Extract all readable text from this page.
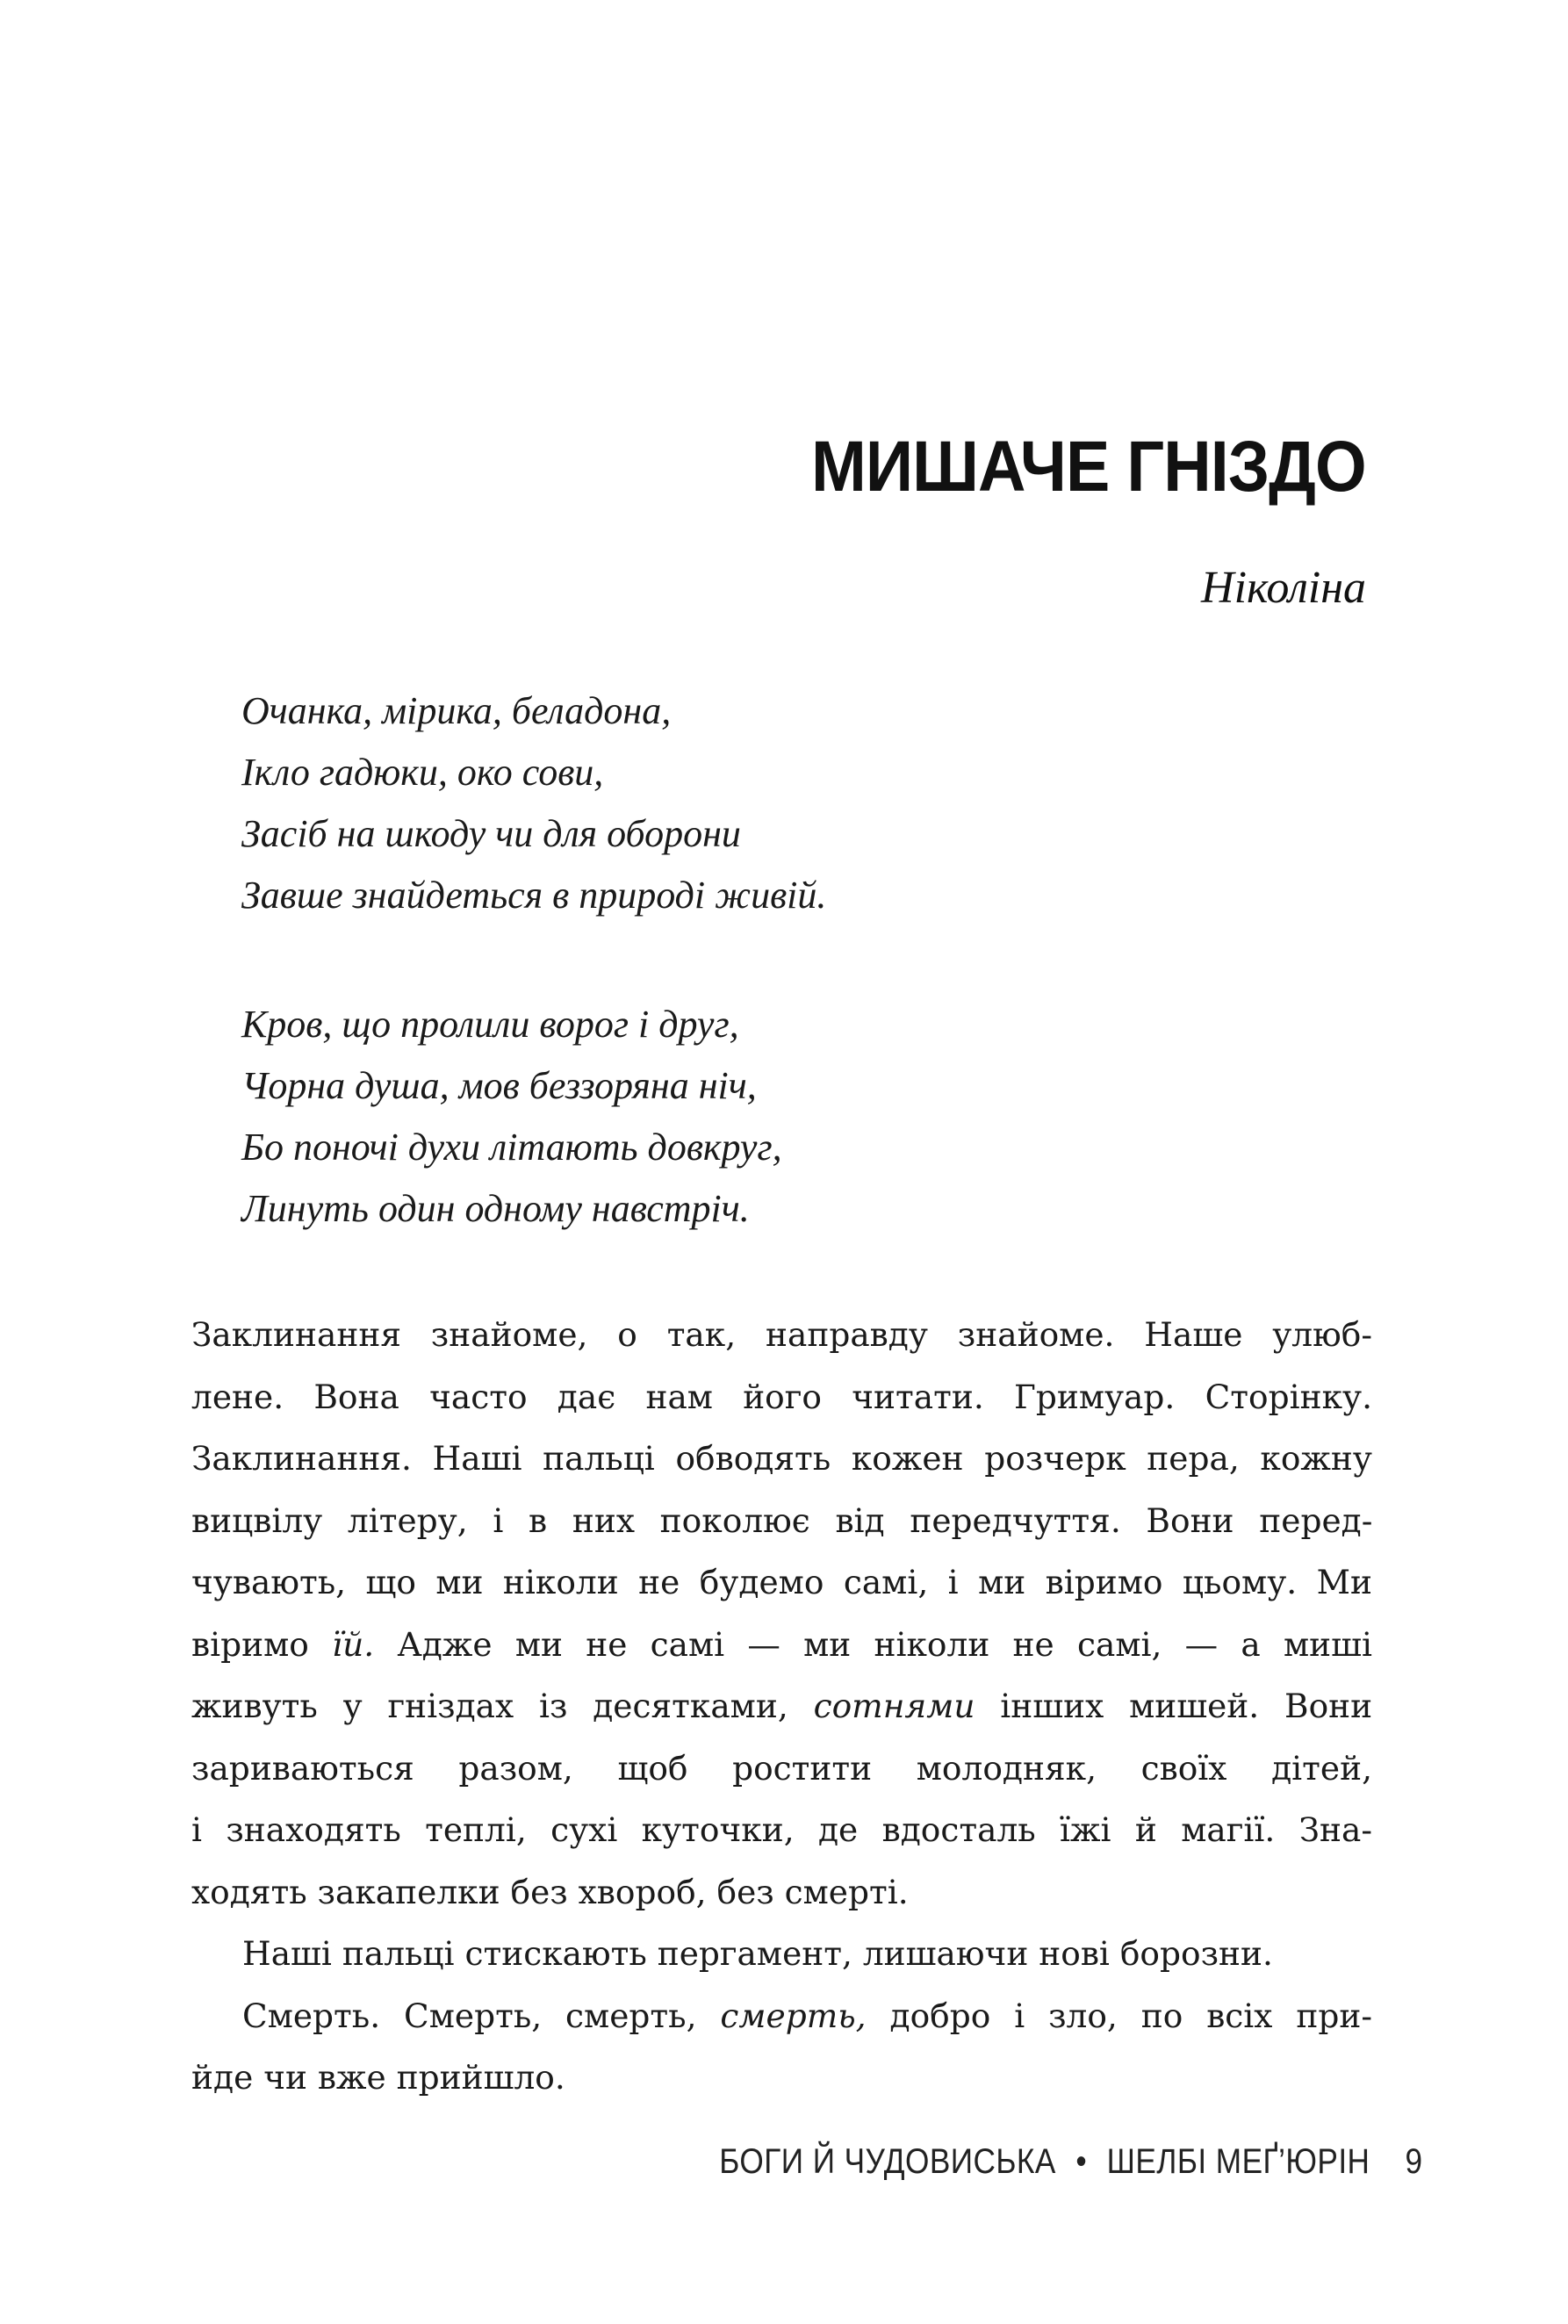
МИШАЧЕ ГНІЗДО
Ніколіна
Очанка, мірика, беладона,
Ікло гадюки, око сови,
Засіб на шкоду чи для оборони
Завше знайдеться в природі живій.
Кров, що пролили ворог і друг,
Чорна душа, мов беззоряна ніч,
Бо поночі духи літають довкруг,
Линуть один одному навстріч.

Заклинання знайоме, о так, направду знайоме. Наше улюб-
лене. Вона часто дає нам його читати. Гримуар. Сторінку.
Заклинання. Наші пальці обводять кожен розчерк пера, кожну
вицвілу літеру, і в них поколює від передчуття. Вони перед-
чувають, що ми ніколи не будемо самі, і ми віримо цьому. Ми
віримо їй. Адже ми не самі — ми ніколи не самі, — а миші
живуть у гніздах із десятками, сотнями інших мишей. Вони
зариваються разом, щоб ростити молодняк, своїх дітей,
і знаходять теплі, сухі куточки, де вдосталь їжі й магії. Зна-
ходять закапелки без хвороб, без смерті.

Наші пальці стискають пергамент, лишаючи нові борозни.

Смерть. Смерть, смерть, смерть, добро і зло, по всіх при-

йде чи вже прийшло.

БОГИ Й ЧУДОВИСЬКА • ШЕЛБІ МЕҐ’ЮРІН 9
